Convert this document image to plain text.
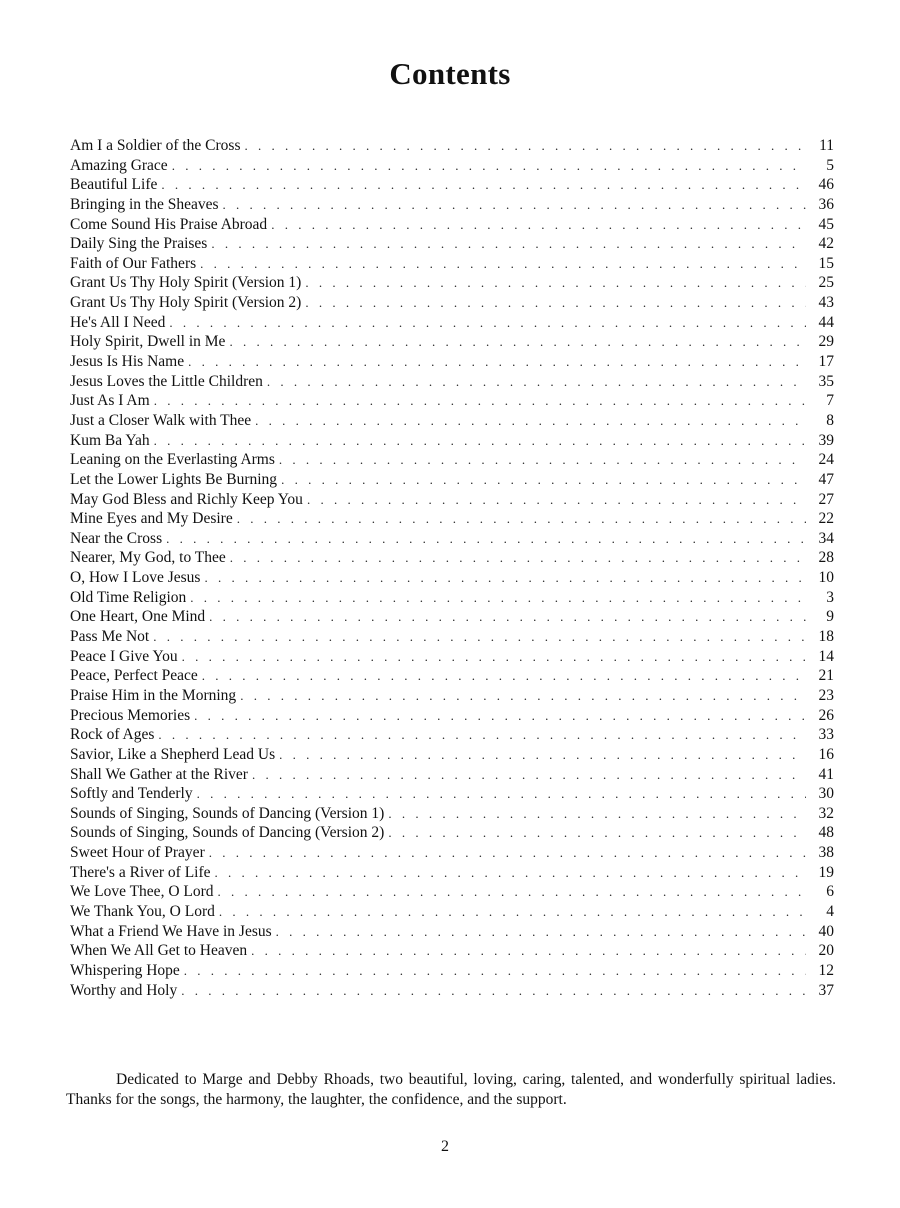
Contents
Am I a Soldier of the Cross . . .	11
Amazing Grace . . .	5
Beautiful Life . . .	46
Bringing in the Sheaves . . .	36
Come Sound His Praise Abroad . . .	45
Daily Sing the Praises . . .	42
Faith of Our Fathers . . .	15
Grant Us Thy Holy Spirit (Version 1) . . .	25
Grant Us Thy Holy Spirit (Version 2) . . .	43
He's All I Need . . .	44
Holy Spirit, Dwell in Me . . .	29
Jesus Is His Name . . .	17
Jesus Loves the Little Children . . .	35
Just As I Am . . .	7
Just a Closer Walk with Thee . . .	8
Kum Ba Yah . . .	39
Leaning on the Everlasting Arms . . .	24
Let the Lower Lights Be Burning . . .	47
May God Bless and Richly Keep You . . .	27
Mine Eyes and My Desire . . .	22
Near the Cross . . .	34
Nearer, My God, to Thee . . .	28
O, How I Love Jesus . . .	10
Old Time Religion . . .	3
One Heart, One Mind . . .	9
Pass Me Not . . .	18
Peace I Give You . . .	14
Peace, Perfect Peace . . .	21
Praise Him in the Morning . . .	23
Precious Memories . . .	26
Rock of Ages . . .	33
Savior, Like a Shepherd Lead Us . . .	16
Shall We Gather at the River . . .	41
Softly and Tenderly . . .	30
Sounds of Singing, Sounds of Dancing (Version 1) . . .	32
Sounds of Singing, Sounds of Dancing (Version 2) . . .	48
Sweet Hour of Prayer . . .	38
There's a River of Life . . .	19
We Love Thee, O Lord . . .	6
We Thank You, O Lord . . .	4
What a Friend We Have in Jesus . . .	40
When We All Get to Heaven . . .	20
Whispering Hope . . .	12
Worthy and Holy . . .	37

Dedicated to Marge and Debby Rhoads, two beautiful, loving, caring, talented, and wonderfully spiritual ladies. Thanks for the songs, the harmony, the laughter, the confidence, and the support.

2
